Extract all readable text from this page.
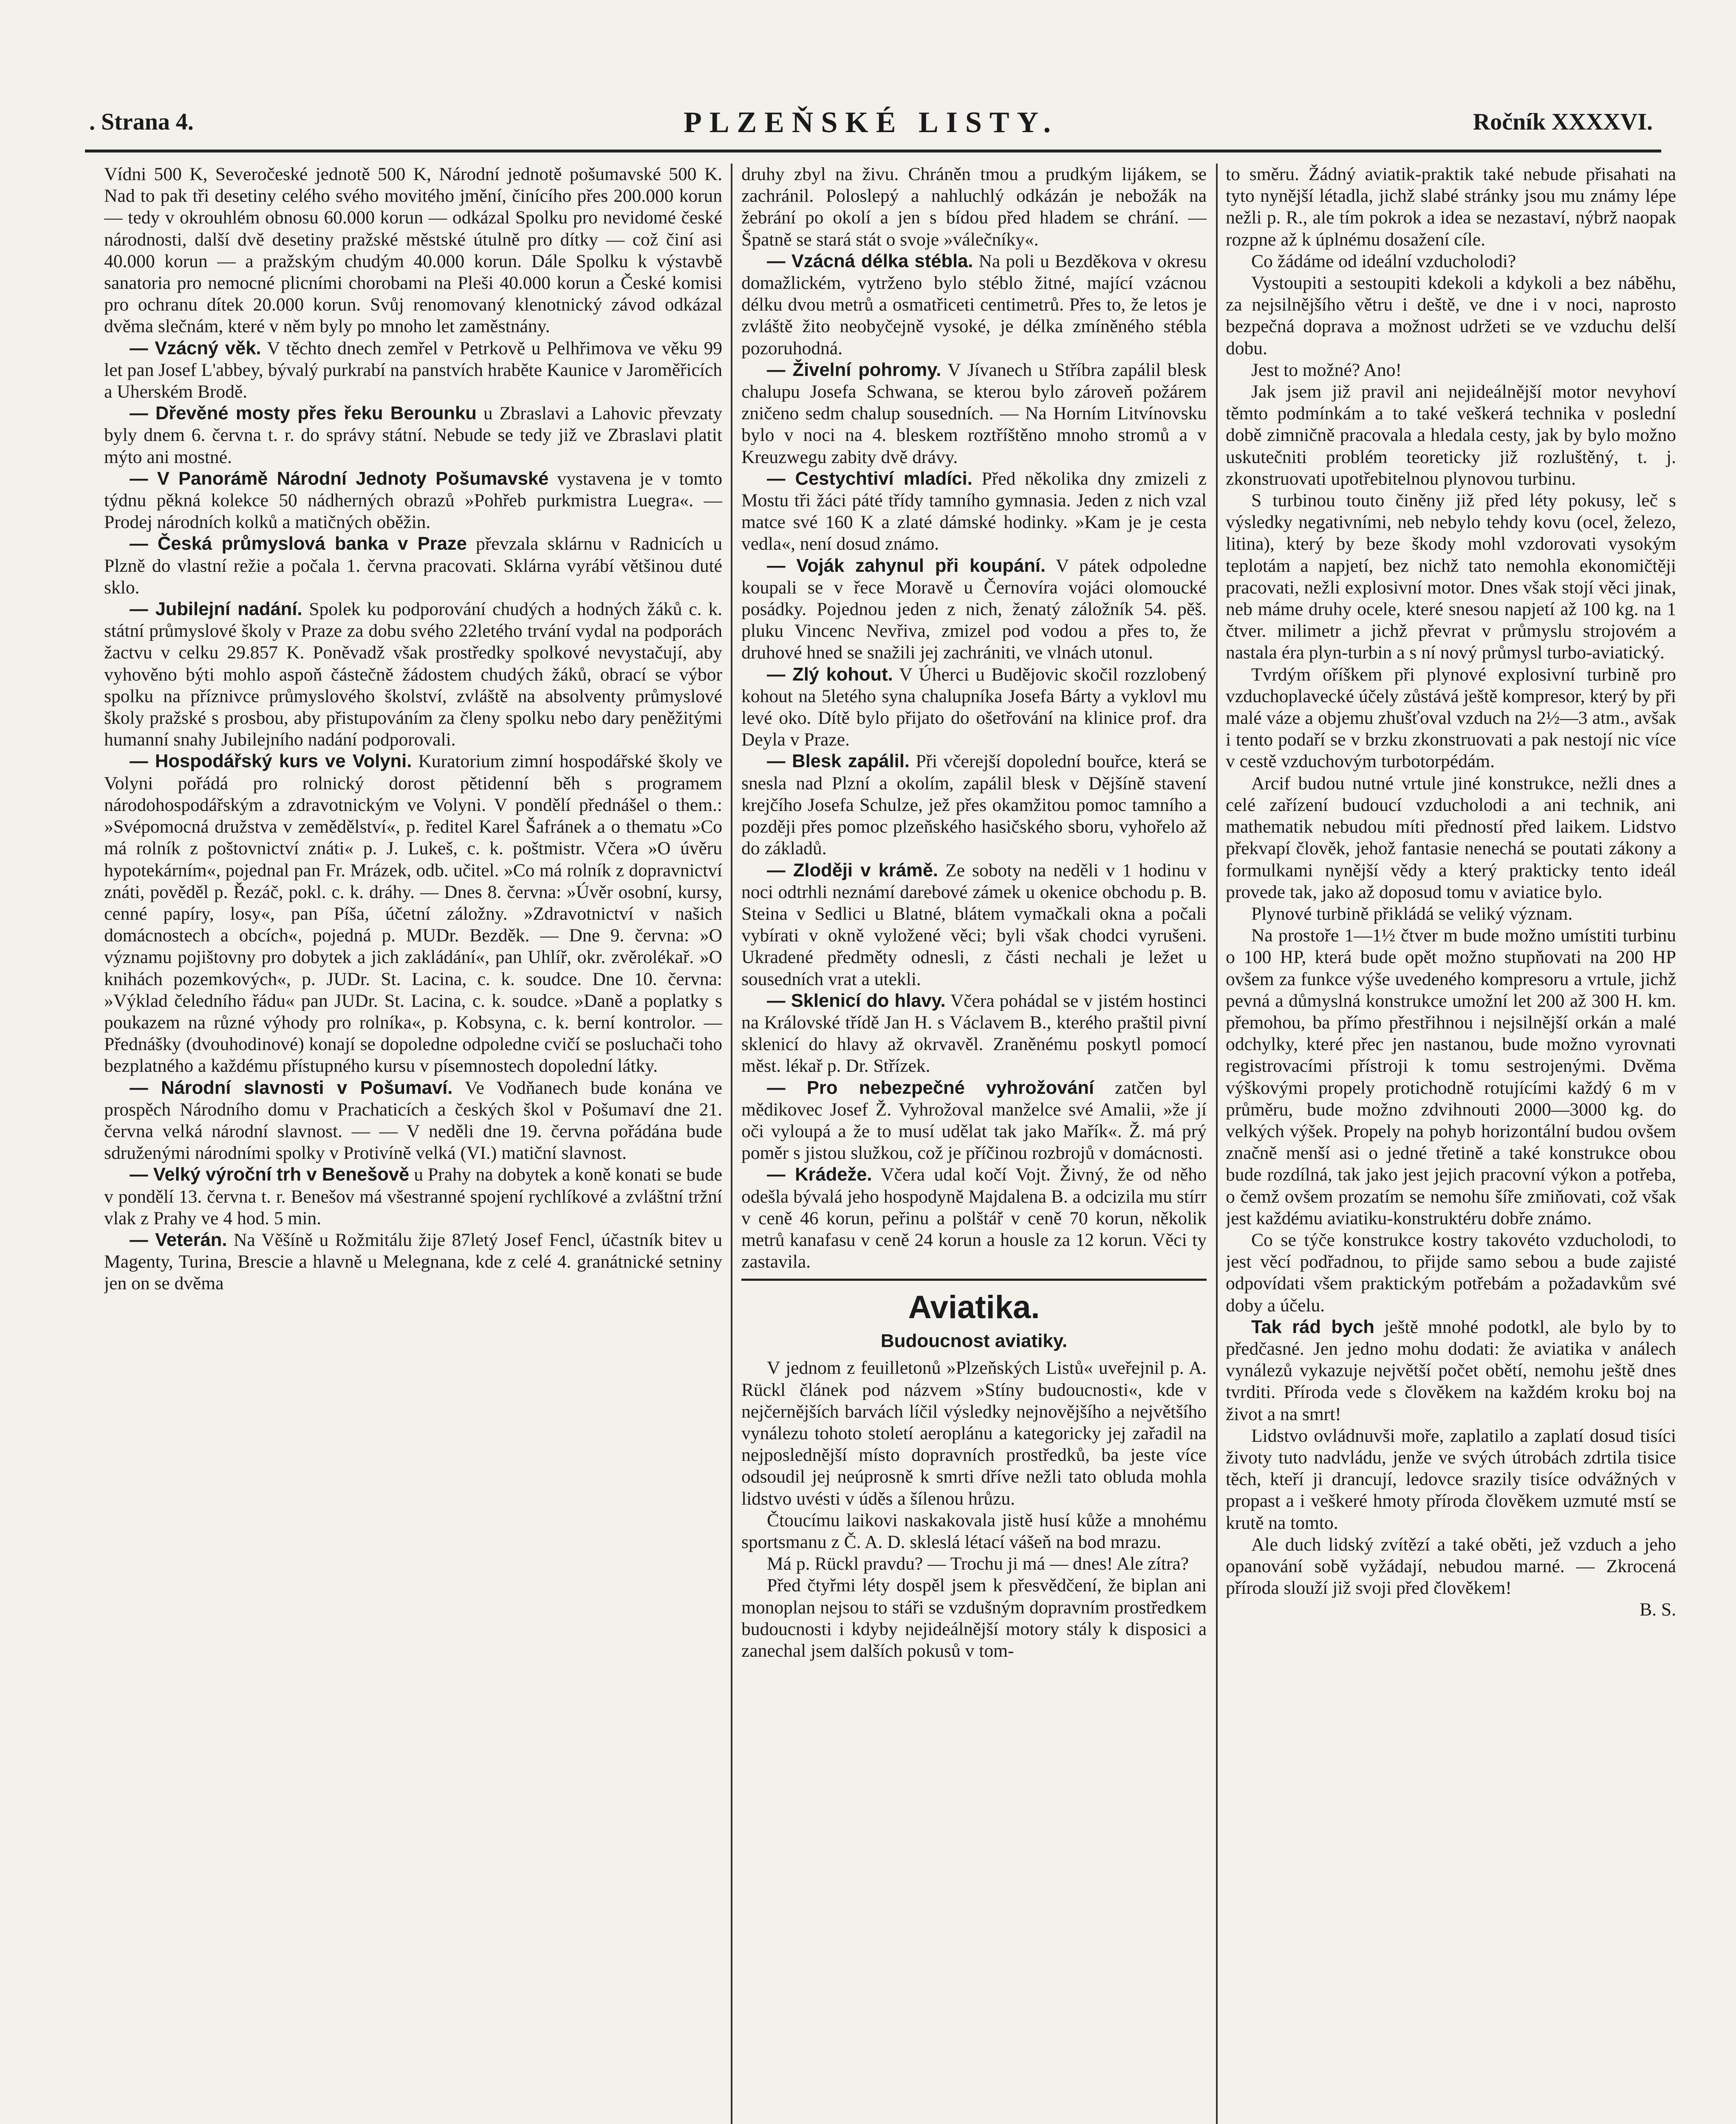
. Strana 4.	PLZEŇSKÉ LISTY.	Ročník XXXXVI.

Vídni 500 K, Severočeské jednotě 500 K, Národní jednotě pošumavské 500 K. Nad to pak tři desetiny celého svého movitého jmění, činícího přes 200.000 korun — tedy v okrouhlém obnosu 60.000 korun — odkázal Spolku pro nevidomé české národnosti, další dvě desetiny pražské městské útulně pro dítky — což činí asi 40.000 korun — a pražským chudým 40.000 korun. Dále Spolku k výstavbě sanatoria pro nemocné plicními chorobami na Pleši 40.000 korun a České komisi pro ochranu dítek 20.000 korun. Svůj renomovaný klenotnický závod odkázal dvěma slečnám, které v něm byly po mnoho let zaměstnány.

— Vzácný věk. V těchto dnech zemřel v Petrkově u Pelhřimova ve věku 99 let pan Josef L'abbey, bývalý purkrabí na panstvích hraběte Kaunice v Jaroměřicích a Uherském Brodě.

— Dřevěné mosty přes řeku Berounku u Zbraslavi a Lahovic převzaty byly dnem 6. června t. r. do správy státní. Nebude se tedy již ve Zbraslavi platit mýto ani mostné.

— V Panorámě Národní Jednoty Pošumavské vystavena je v tomto týdnu pěkná kolekce 50 nádherných obrazů »Pohřeb purkmistra Luegra«. — Prodej národních kolků a matičných oběžin.

— Česká průmyslová banka v Praze převzala sklárnu v Radnicích u Plzně do vlastní režie a počala 1. června pracovati. Sklárna vyrábí většinou duté sklo.

— Jubilejní nadání. Spolek ku podporování chudých a hodných žáků c. k. státní průmyslové školy v Praze za dobu svého 22letého trvání vydal na podporách žactvu v celku 29.857 K. Poněvadž však prostředky spolkové nevystačují, aby vyhověno býti mohlo aspoň částečně žádostem chudých žáků, obrací se výbor spolku na příznivce průmyslového školství, zvláště na absolventy průmyslové školy pražské s prosbou, aby přistupováním za členy spolku nebo dary peněžitými humanní snahy Jubilejního nadání podporovali.

— Hospodářský kurs ve Volyni. Kuratorium zimní hospodářské školy ve Volyni pořádá pro rolnický dorost pětidenní běh s programem národohospodářským a zdravotnickým ve Volyni. V pondělí přednášel o them.: »Svépomocná družstva v zemědělství«, p. ředitel Karel Šafránek a o thematu »Co má rolník z poštovnictví znáti« p. J. Lukeš, c. k. poštmistr. Včera »O úvěru hypotekárním«, pojednal pan Fr. Mrázek, odb. učitel. »Co má rolník z dopravnictví znáti, pověděl p. Řezáč, pokl. c. k. dráhy. — Dnes 8. června: »Úvěr osobní, kursy, cenné papíry, losy«, pan Píša, účetní záložny. »Zdravotnictví v našich domácnostech a obcích«, pojedná p. MUDr. Bezděk. — Dne 9. června: »O významu pojištovny pro dobytek a jich zakládání«, pan Uhlíř, okr. zvěrolékař. »O knihách pozemkových«, p. JUDr. St. Lacina, c. k. soudce. Dne 10. června: »Výklad čeledního řádu« pan JUDr. St. Lacina, c. k. soudce. »Daně a poplatky s poukazem na různé výhody pro rolníka«, p. Kobsyna, c. k. berní kontrolor. — Přednášky (dvouhodinové) konají se dopoledne odpoledne cvičí se posluchači toho bezplatného a každému přístupného kursu v písemnostech dopolední látky.

— Národní slavnosti v Pošumaví. Ve Vodňanech bude konána ve prospěch Národního domu v Prachaticích a českých škol v Pošumaví dne 21. června velká národní slavnost. — — V neděli dne 19. června pořádána bude sdruženými národními spolky v Protivíně velká (VI.) matiční slavnost.

— Velký výroční trh v Benešově u Prahy na dobytek a koně konati se bude v pondělí 13. června t. r. Benešov má všestranné spojení rychlíkové a zvláštní tržní vlak z Prahy ve 4 hod. 5 min.

— Veterán. Na Věšíně u Rožmitálu žije 87letý Josef Fencl, účastník bitev u Magenty, Turina, Brescie a hlavně u Melegnana, kde z celé 4. granátnické setniny jen on se dvěma

druhy zbyl na živu. Chráněn tmou a prudkým lijákem, se zachránil. Poloslepý a nahluchlý odkázán je nebožák na žebrání po okolí a jen s bídou před hladem se chrání. — Špatně se stará stát o svoje »válečníky«.

— Vzácná délka stébla. Na poli u Bezděkova v okresu domažlickém, vytrženo bylo stéblo žitné, mající vzácnou délku dvou metrů a osmatřiceti centimetrů. Přes to, že letos je zvláště žito neobyčejně vysoké, je délka zmíněného stébla pozoruhodná.

— Živelní pohromy. V Jívanech u Stříbra zapálil blesk chalupu Josefa Schwana, se kterou bylo zároveň požárem zničeno sedm chalup sousedních. — Na Horním Litvínovsku bylo v noci na 4. bleskem roztříštěno mnoho stromů a v Kreuzwegu zabity dvě drávy.

— Cestychtiví mladíci. Před několika dny zmizeli z Mostu tři žáci páté třídy tamního gymnasia. Jeden z nich vzal matce své 160 K a zlaté dámské hodinky. »Kam je je cesta vedla«, není dosud známo.

— Voják zahynul při koupání. V pátek odpoledne koupali se v řece Moravě u Černovíra vojáci olomoucké posádky. Pojednou jeden z nich, ženatý záložník 54. pěš. pluku Vincenc Nevřiva, zmizel pod vodou a přes to, že druhové hned se snažili jej zachrániti, ve vlnách utonul.

— Zlý kohout. V Úherci u Budějovic skočil rozzlobený kohout na 5letého syna chalupníka Josefa Bárty a vyklovl mu levé oko. Dítě bylo přijato do ošetřování na klinice prof. dra Deyla v Praze.

— Blesk zapálil. Při včerejší dopolední bouřce, která se snesla nad Plzní a okolím, zapálil blesk v Dějšíně stavení krejčího Josefa Schulze, jež přes okamžitou pomoc tamního a později přes pomoc plzeňského hasičského sboru, vyhořelo až do základů.

— Zloději v krámě. Ze soboty na neděli v 1 hodinu v noci odtrhli neznámí darebové zámek u okenice obchodu p. B. Steina v Sedlici u Blatné, blátem vymačkali okna a počali vybírati v okně vyložené věci; byli však chodci vyrušeni. Ukradené předměty odnesli, z části nechali je ležet u sousedních vrat a utekli.

— Sklenicí do hlavy. Včera pohádal se v jistém hostinci na Královské třídě Jan H. s Václavem B., kterého praštil pivní sklenicí do hlavy až okrvavěl. Zraněnému poskytl pomocí měst. lékař p. Dr. Střízek.

— Pro nebezpečné vyhrožování zatčen byl mědikovec Josef Ž. Vyhrožoval manželce své Amalii, »že jí oči vyloupá a že to musí udělat tak jako Mařík«. Ž. má prý poměr s jistou služkou, což je příčinou rozbrojů v domácnosti.

— Krádeže. Včera udal kočí Vojt. Živný, že od něho odešla bývalá jeho hospodyně Majdalena B. a odcizila mu stírr v ceně 46 korun, peřinu a polštář v ceně 70 korun, několik metrů kanafasu v ceně 24 korun a housle za 12 korun. Věci ty zastavila.

Aviatika.
Budoucnost aviatiky.

V jednom z feuilletonů »Plzeňských Listů« uveřejnil p. A. Rückl článek pod názvem »Stíny budoucnosti«, kde v nejčernějších barvách líčil výsledky nejnovějšího a největšího vynálezu tohoto století aeroplánu a kategoricky jej zařadil na nejposlednější místo dopravních prostředků, ba jeste více odsoudil jej neúprosně k smrti dříve nežli tato obluda mohla lidstvo uvésti v úděs a šílenou hrůzu.

Čtoucímu laikovi naskakovala jistě husí kůže a mnohému sportsmanu z Č. A. D. skleslá létací vášeň na bod mrazu.

Má p. Rückl pravdu? — Trochu ji má — dnes! Ale zítra?

Před čtyřmi léty dospěl jsem k přesvědčení, že biplan ani monoplan nejsou to stáři se vzdušným dopravním prostředkem budoucnosti i kdyby nejideálnější motory stály k disposici a zanechal jsem dalších pokusů v tom-

to směru. Žádný aviatik-praktik také nebude přisahati na tyto nynější létadla, jichž slabé stránky jsou mu známy lépe nežli p. R., ale tím pokrok a idea se nezastaví, nýbrž naopak rozpne až k úplnému dosažení cíle.

Co žádáme od ideální vzducholodi?

Vystoupiti a sestoupiti kdekoli a kdykoli a bez náběhu, za nejsilnějšího větru i deště, ve dne i v noci, naprosto bezpečná doprava a možnost udržeti se ve vzduchu delší dobu.

Jest to možné? Ano!

Jak jsem již pravil ani nejideálnější motor nevyhoví těmto podmínkám a to také veškerá technika v poslední době zimničně pracovala a hledala cesty, jak by bylo možno uskutečniti problém teoreticky již rozluštěný, t. j. zkonstruovati upotřebitelnou plynovou turbinu.

S turbinou touto činěny již před léty pokusy, leč s výsledky negativními, neb nebylo tehdy kovu (ocel, železo, litina), který by beze škody mohl vzdorovati vysokým teplotám a napjetí, bez nichž tato nemohla ekonomičtěji pracovati, nežli explosivní motor. Dnes však stojí věci jinak, neb máme druhy ocele, které snesou napjetí až 100 kg. na 1 čtver. milimetr a jichž převrat v průmyslu strojovém a nastala éra plyn-turbin a s ní nový průmysl turbo-aviatický.

Tvrdým oříškem při plynové explosivní turbině pro vzduchoplavecké účely zůstává ještě kompresor, který by při malé váze a objemu zhušťoval vzduch na 2½—3 atm., avšak i tento podaří se v brzku zkonstruovati a pak nestojí nic více v cestě vzduchovým turbotorpédám.

Arcif budou nutné vrtule jiné konstrukce, nežli dnes a celé zařízení budoucí vzducholodi a ani technik, ani mathematik nebudou míti předností před laikem. Lidstvo překvapí člověk, jehož fantasie nenechá se poutati zákony a formulkami nynější vědy a který prakticky tento ideál provede tak, jako až doposud tomu v aviatice bylo.

Plynové turbině přikládá se veliký význam.

Na prostoře 1—1½ čtver m bude možno umístiti turbinu o 100 HP, která bude opět možno stupňovati na 200 HP ovšem za funkce výše uvedeného kompresoru a vrtule, jichž pevná a důmyslná konstrukce umožní let 200 až 300 H. km. přemohou, ba přímo přestřihnou i nejsilnější orkán a malé odchylky, které přec jen nastanou, bude možno vyrovnati registrovacími přístroji k tomu sestrojenými. Dvěma výškovými propely protichodně rotujícími každý 6 m v průměru, bude možno zdvihnouti 2000—3000 kg. do velkých výšek. Propely na pohyb horizontální budou ovšem značně menší asi o jedné třetině a také konstrukce obou bude rozdílná, tak jako jest jejich pracovní výkon a potřeba, o čemž ovšem prozatím se nemohu šíře zmiňovati, což však jest každému aviatiku-konstruktéru dobře známo.

Co se týče konstrukce kostry takovéto vzducholodi, to jest věcí podřadnou, to přijde samo sebou a bude zajisté odpovídati všem praktickým potřebám a požadavkům své doby a účelu.

Tak rád bych ještě mnohé podotkl, ale bylo by to předčasné. Jen jedno mohu dodati: že aviatika v análech vynálezů vykazuje největší počet obětí, nemohu ještě dnes tvrditi. Příroda vede s člověkem na každém kroku boj na život a na smrt!

Lidstvo ovládnuvši moře, zaplatilo a zaplatí dosud tisíci životy tuto nadvládu, jenže ve svých útrobách zdrtila tisice těch, kteří ji drancují, ledovce srazily tisíce odvážných v propast a i veškeré hmoty příroda člověkem uzmuté mstí se krutě na tomto.

Ale duch lidský zvítězí a také oběti, jež vzduch a jeho opanování sobě vyžádají, nebudou marné. — Zkrocená příroda slouží již svoji před člověkem!

B. S.
